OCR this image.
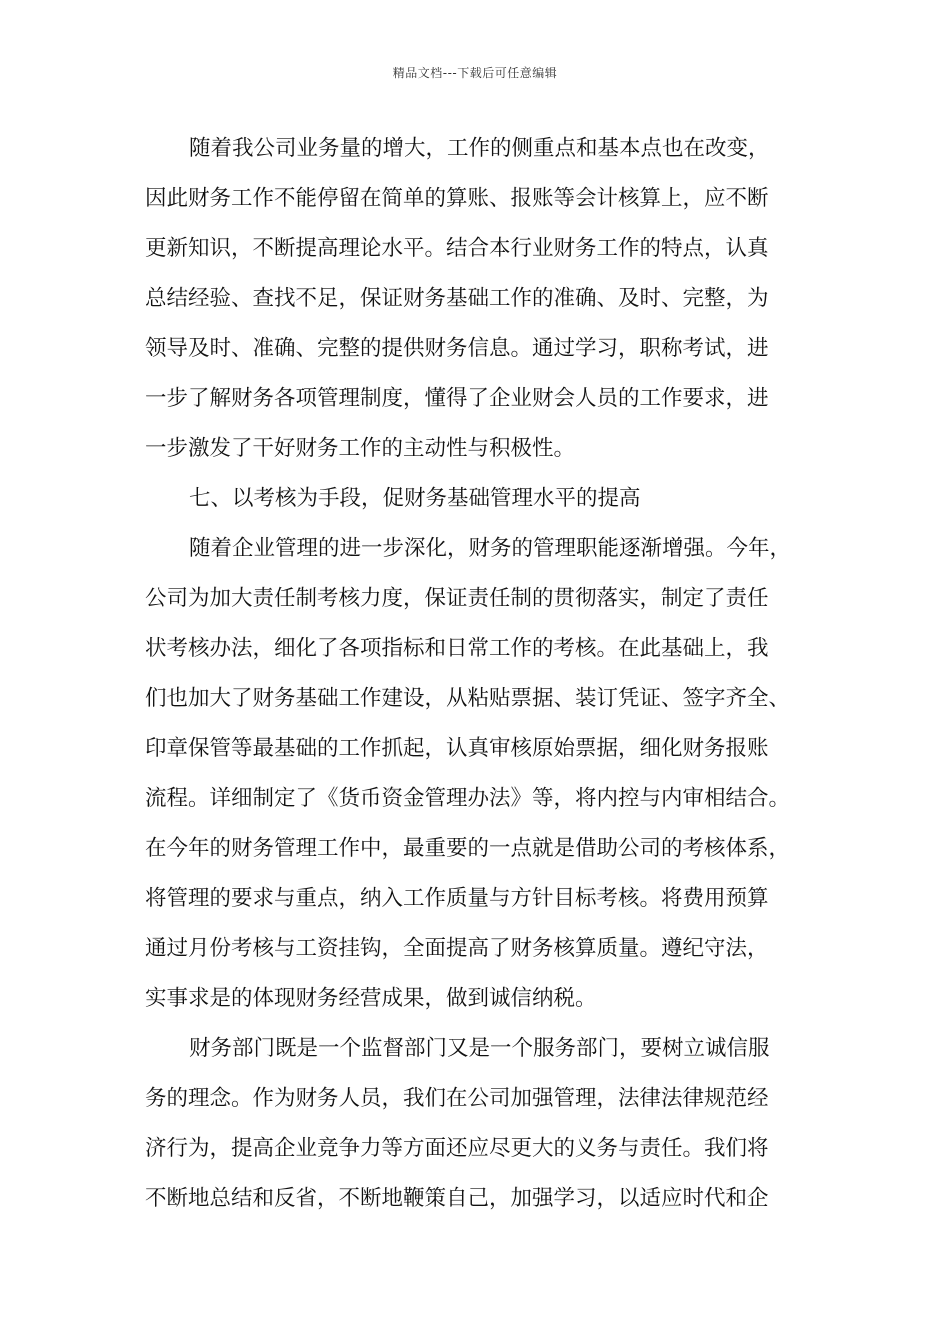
精品文档---下载后可任意编辑
随着我公司业务量的增大，工作的侧重点和基本点也在改变，
因此财务工作不能停留在简单的算账、报账等会计核算上，应不断
更新知识，不断提高理论水平。结合本行业财务工作的特点，认真
总结经验、查找不足，保证财务基础工作的准确、及时、完整，为
领导及时、准确、完整的提供财务信息。通过学习，职称考试，进
一步了解财务各项管理制度，懂得了企业财会人员的工作要求，进
一步激发了干好财务工作的主动性与积极性。
七、以考核为手段，促财务基础管理水平的提高
随着企业管理的进一步深化，财务的管理职能逐渐增强。今年，
公司为加大责任制考核力度，保证责任制的贯彻落实，制定了责任
状考核办法，细化了各项指标和日常工作的考核。在此基础上，我
们也加大了财务基础工作建设，从粘贴票据、装订凭证、签字齐全、
印章保管等最基础的工作抓起，认真审核原始票据，细化财务报账
流程。详细制定了《货币资金管理办法》等，将内控与内审相结合。
在今年的财务管理工作中，最重要的一点就是借助公司的考核体系，
将管理的要求与重点，纳入工作质量与方针目标考核。将费用预算
通过月份考核与工资挂钩，全面提高了财务核算质量。遵纪守法，
实事求是的体现财务经营成果，做到诚信纳税。
财务部门既是一个监督部门又是一个服务部门，要树立诚信服
务的理念。作为财务人员，我们在公司加强管理，法律法律规范经
济行为，提高企业竞争力等方面还应尽更大的义务与责任。我们将
不断地总结和反省，不断地鞭策自己，加强学习，以适应时代和企
